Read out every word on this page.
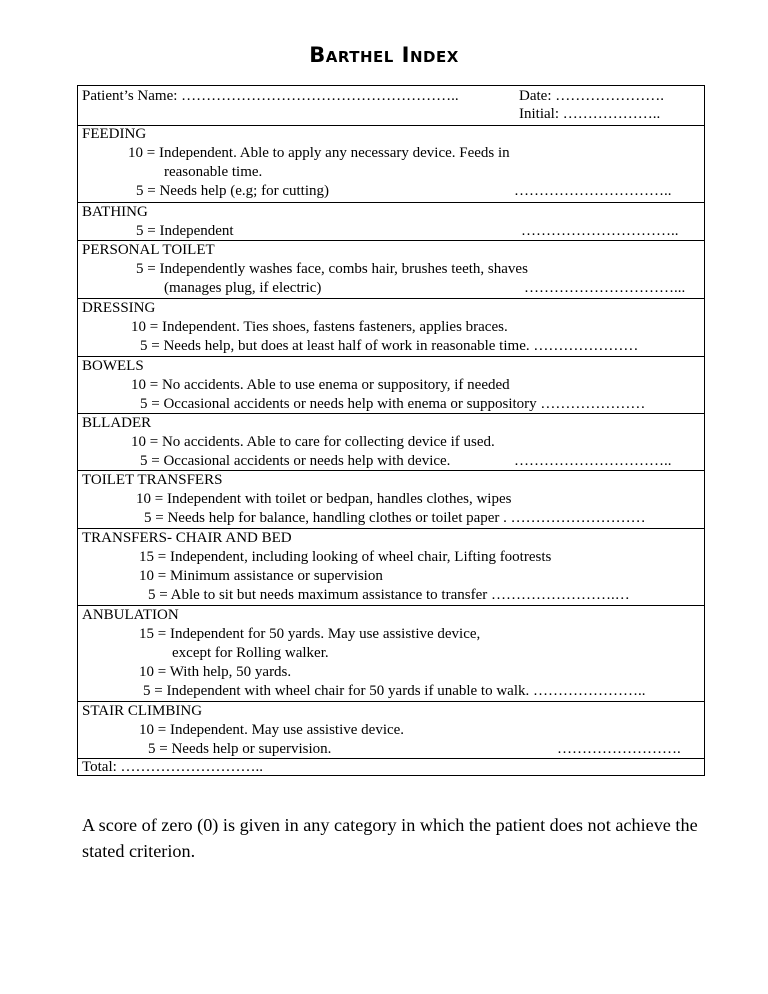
Barthel Index
Patient’s Name: ………………………………………………..	Date: ………………….
Initial: ………………..
FEEDING
10 = Independent. Able to apply any necessary device. Feeds in
reasonable time.
5 = Needs help (e.g; for cutting)	…………………………..
BATHING
5 = Independent	…………………………..
PERSONAL TOILET
5 = Independently washes face, combs hair, brushes teeth, shaves
(manages plug, if electric)	…………………………...
DRESSING
10 = Independent. Ties shoes, fastens fasteners, applies braces.
5 = Needs help, but does at least half of work in reasonable time. …………………
BOWELS
10 = No accidents. Able to use enema or suppository, if needed
5 = Occasional accidents or needs help with enema or suppository …………………
BLLADER
10 = No accidents. Able to care for collecting device if used.
5 = Occasional accidents or needs help with device.	…………………………..
TOILET TRANSFERS
10 = Independent with toilet or bedpan, handles clothes, wipes
5 = Needs help for balance, handling clothes or toilet paper . ………………………
TRANSFERS- CHAIR AND BED
15 = Independent, including looking of wheel chair, Lifting footrests
10 = Minimum assistance or supervision
5 = Able to sit but needs maximum assistance to transfer …………………….…
ANBULATION
15 = Independent for 50 yards. May use assistive device,
except for Rolling walker.
10 = With help, 50 yards.
5 = Independent with wheel chair for 50 yards if unable to walk. …………………..
STAIR CLIMBING
10 = Independent. May use assistive device.
5 = Needs help or supervision.	…………………….
Total: ………………………..
A score of zero (0) is given in any category in which the patient does not achieve the stated criterion.
